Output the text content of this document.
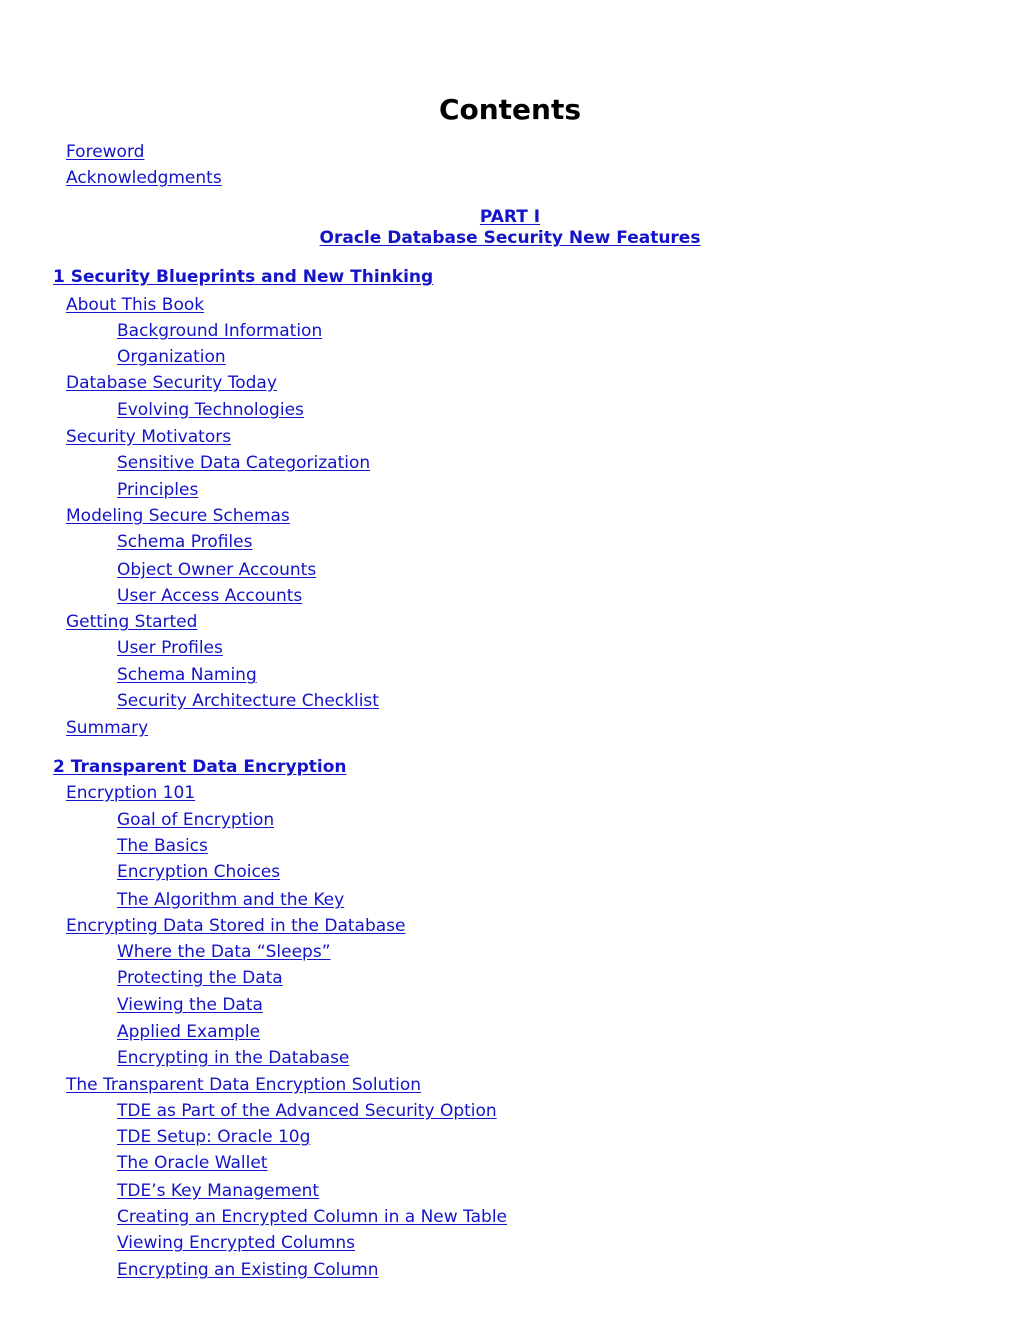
Contents
Foreword
Acknowledgments
PART I
Oracle Database Security New Features
1 Security Blueprints and New Thinking
About This Book
Background Information
Organization
Database Security Today
Evolving Technologies
Security Motivators
Sensitive Data Categorization
Principles
Modeling Secure Schemas
Schema Profiles
Object Owner Accounts
User Access Accounts
Getting Started
User Profiles
Schema Naming
Security Architecture Checklist
Summary
2 Transparent Data Encryption
Encryption 101
Goal of Encryption
The Basics
Encryption Choices
The Algorithm and the Key
Encrypting Data Stored in the Database
Where the Data “Sleeps”
Protecting the Data
Viewing the Data
Applied Example
Encrypting in the Database
The Transparent Data Encryption Solution
TDE as Part of the Advanced Security Option
TDE Setup: Oracle 10g
The Oracle Wallet
TDE’s Key Management
Creating an Encrypted Column in a New Table
Viewing Encrypted Columns
Encrypting an Existing Column
